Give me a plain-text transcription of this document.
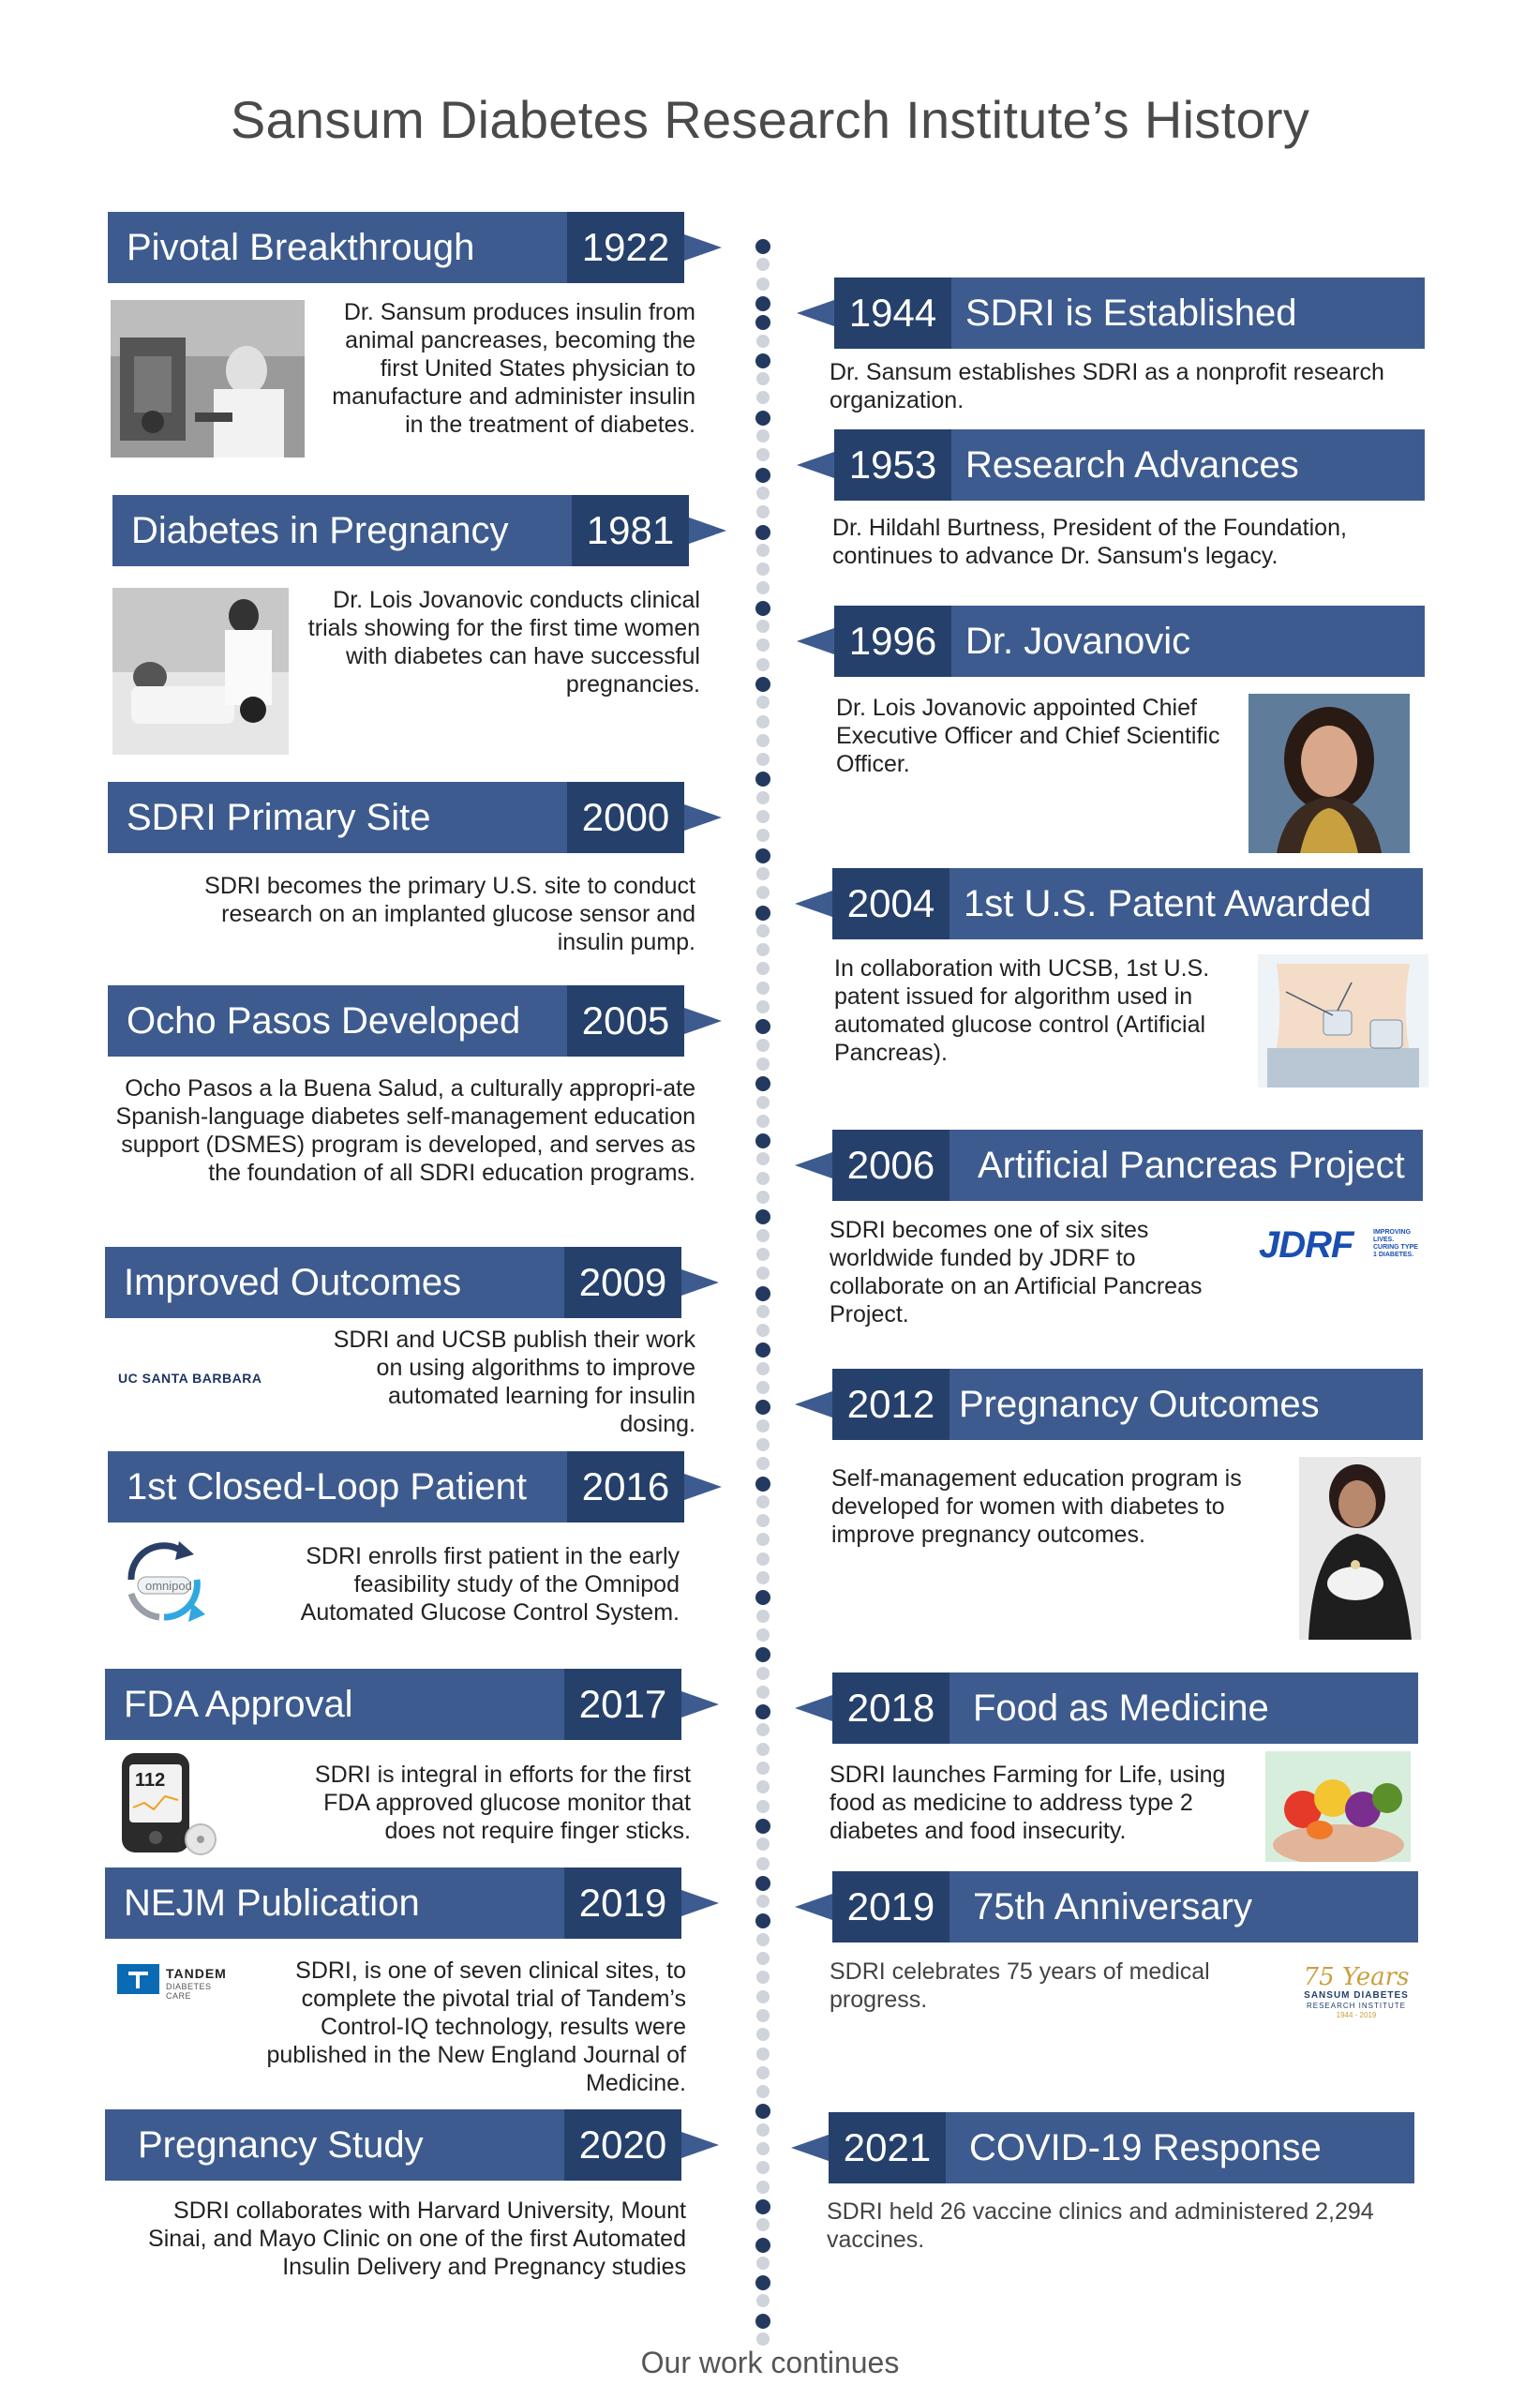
Sansum Diabetes Research Institute’s History
Pivotal Breakthrough	1922
Dr. Sansum produces insulin from animal pancreases, becoming the first United States physician to manufacture and administer insulin in the treatment of diabetes.
Diabetes in Pregnancy	1981
Dr. Lois Jovanovic conducts clinical trials showing for the first time women with diabetes can have successful pregnancies.
SDRI Primary Site	2000
SDRI becomes the primary U.S. site to conduct research on an implanted glucose sensor and insulin pump.
Ocho Pasos Developed	2005
Ocho Pasos a la Buena Salud, a culturally appropri-ate Spanish-language diabetes self-management education support (DSMES) program is developed, and serves as the foundation of all SDRI education programs.
Improved Outcomes	2009
UC SANTA BARBARA
SDRI and UCSB publish their work on using algorithms to improve automated learning for insulin dosing.
1st Closed-Loop Patient	2016
omnipod
SDRI enrolls first patient in the early feasibility study of the Omnipod Automated Glucose Control System.
FDA Approval	2017
112	SDRI is integral in efforts for the first FDA approved glucose monitor that does not require finger sticks.
NEJM Publication	2019
TANDEM
DIABETES CARE
SDRI, is one of seven clinical sites, to complete the pivotal trial of Tandem’s Control-IQ technology, results were published in the New England Journal of Medicine.
Pregnancy Study	2020
SDRI collaborates with Harvard University, Mount Sinai, and Mayo Clinic on one of the first Automated Insulin Delivery and Pregnancy studies
1944 SDRI is Established
Dr. Sansum establishes SDRI as a nonprofit research organization.
1953 Research Advances
Dr. Hildahl Burtness, President of the Foundation, continues to advance Dr. Sansum's legacy.
1996 Dr. Jovanovic
Dr. Lois Jovanovic appointed Chief Executive Officer and Chief Scientific Officer.
2004 1st U.S. Patent Awarded
In collaboration with UCSB, 1st U.S. patent issued for algorithm used in automated glucose control (Artificial Pancreas).
2006	Artificial Pancreas Project
SDRI becomes one of six sites worldwide funded by JDRF to collaborate on an Artificial Pancreas Project.
JDRF	IMPROVING LIVES. CURING TYPE 1 DIABETES.
2012 Pregnancy Outcomes
Self-management education program is developed for women with diabetes to improve pregnancy outcomes.
2018	Food as Medicine
SDRI launches Farming for Life, using food as medicine to address type 2 diabetes and food insecurity.
2019	75th Anniversary
SDRI celebrates 75 years of medical progress.
75 Years
SANSUM DIABETES
RESEARCH INSTITUTE
1944 - 2019
2021	COVID-19 Response
SDRI held 26 vaccine clinics and administered 2,294 vaccines.
Our work continues
